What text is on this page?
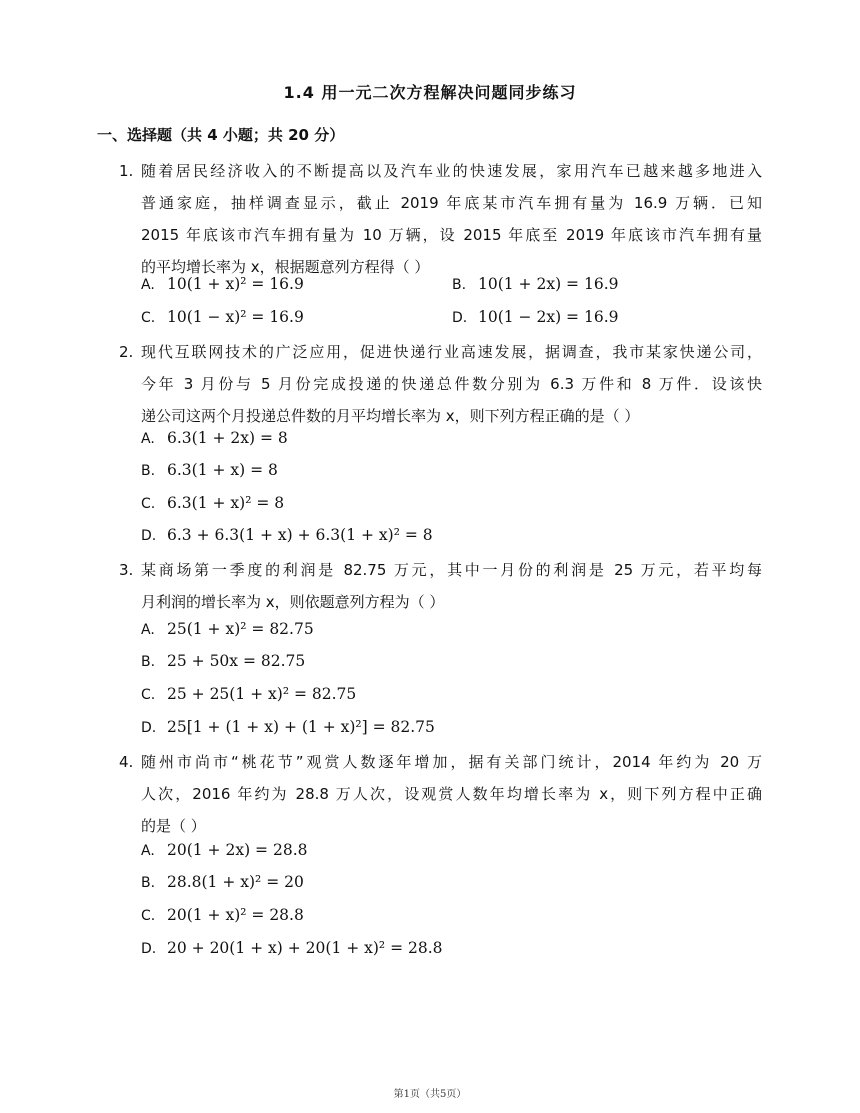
1.4 用一元二次方程解决问题同步练习
一、选择题（共 4 小题；共 20 分）
1. 随着居民经济收入的不断提高以及汽车业的快速发展，家用汽车已越来越多地进入
普通家庭，抽样调查显示，截止 2019 年底某市汽车拥有量为 16.9 万辆．已知
2015 年底该市汽车拥有量为 10 万辆，设 2015 年底至 2019 年底该市汽车拥有量
的平均增长率为 x，根据题意列方程得（ ）
A. 10(1 + x)² = 16.9	B. 10(1 + 2x) = 16.9
C. 10(1 − x)² = 16.9	D. 10(1 − 2x) = 16.9
2. 现代互联网技术的广泛应用，促进快递行业高速发展，据调查，我市某家快递公司，
今年 3 月份与 5 月份完成投递的快递总件数分别为 6.3 万件和 8 万件．设该快
递公司这两个月投递总件数的月平均增长率为 x，则下列方程正确的是（ ）
A. 6.3(1 + 2x) = 8
B. 6.3(1 + x) = 8
C. 6.3(1 + x)² = 8
D. 6.3 + 6.3(1 + x) + 6.3(1 + x)² = 8
3. 某商场第一季度的利润是 82.75 万元，其中一月份的利润是 25 万元，若平均每
月利润的增长率为 x，则依题意列方程为（ ）
A. 25(1 + x)² = 82.75
B. 25 + 50x = 82.75
C. 25 + 25(1 + x)² = 82.75
D. 25[1 + (1 + x) + (1 + x)²] = 82.75
4. 随州市尚市“桃花节”观赏人数逐年增加，据有关部门统计，2014 年约为 20 万
人次，2016 年约为 28.8 万人次，设观赏人数年均增长率为 x，则下列方程中正确
的是（ ）
A. 20(1 + 2x) = 28.8
B. 28.8(1 + x)² = 20
C. 20(1 + x)² = 28.8
D. 20 + 20(1 + x) + 20(1 + x)² = 28.8
第1页（共5页）
